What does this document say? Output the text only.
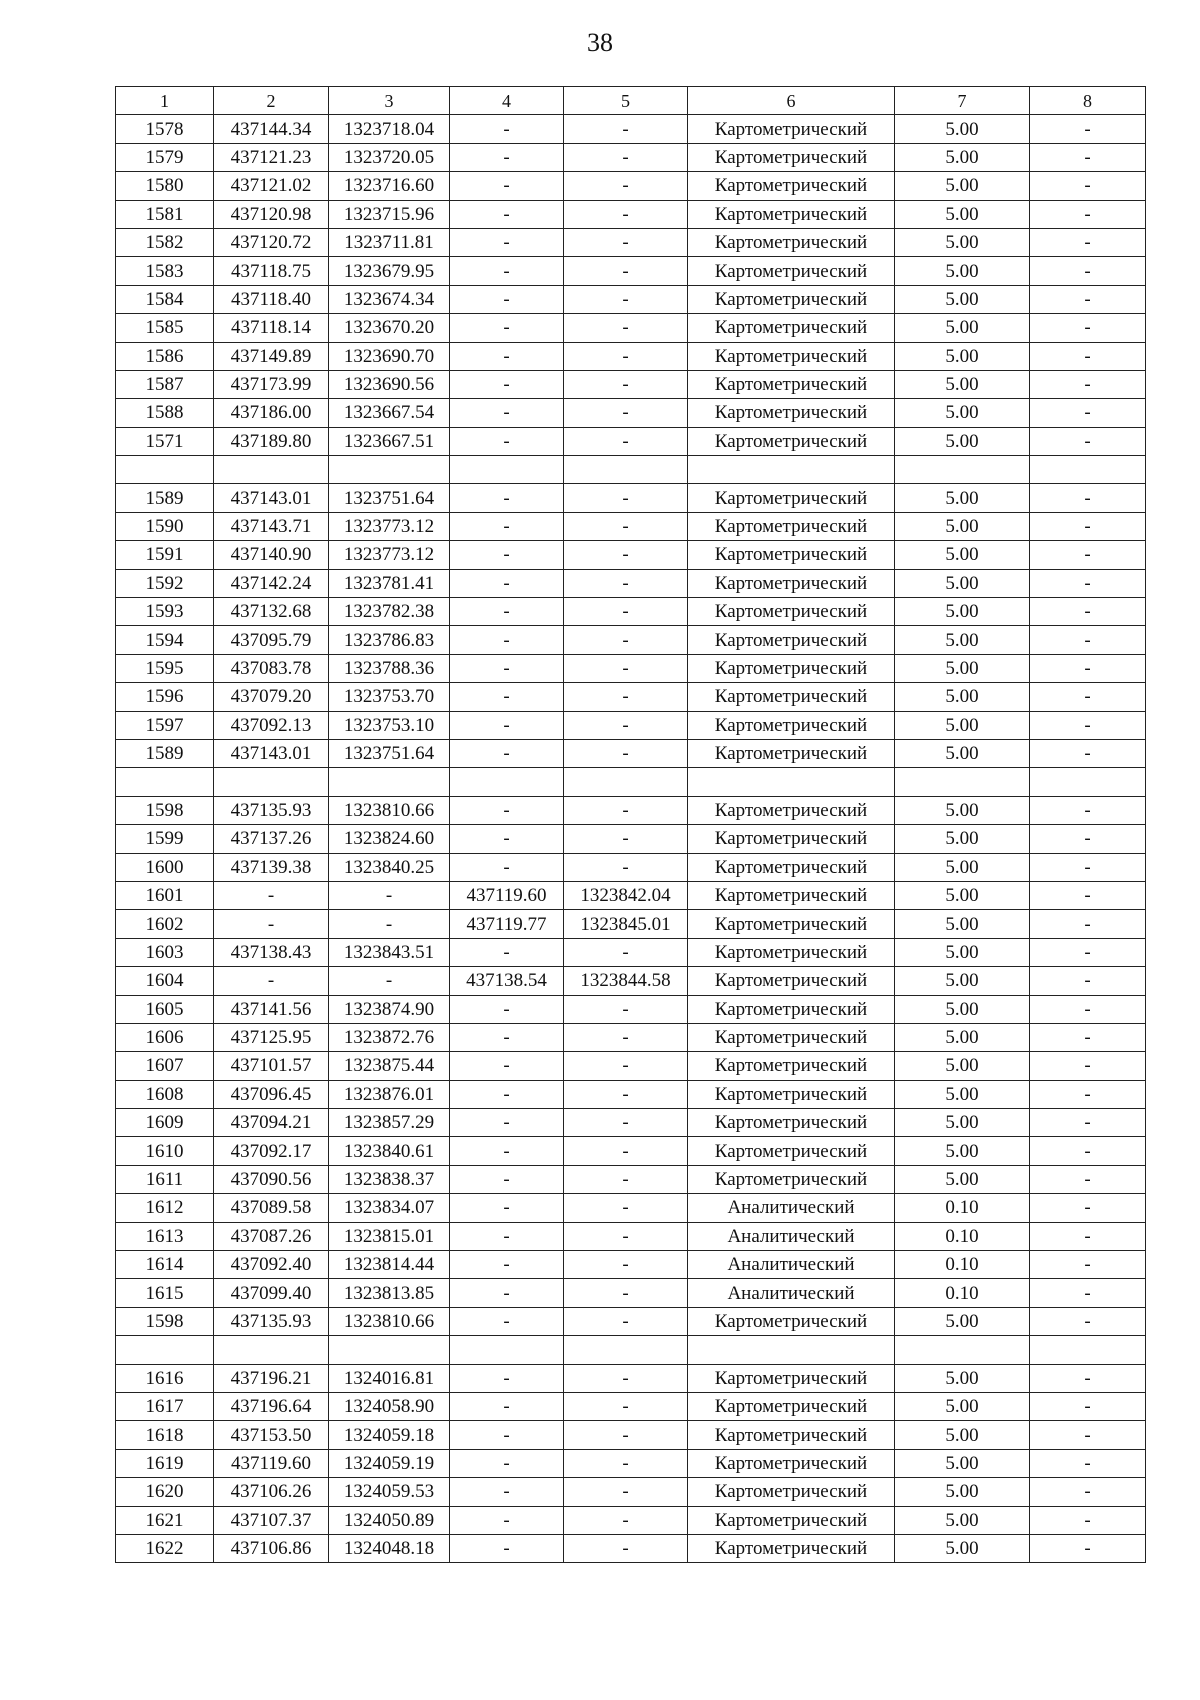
38
1	2	3	4	5	6	7	8
1578	437144.34	1323718.04	-	-	Картометрический	5.00	-
1579	437121.23	1323720.05	-	-	Картометрический	5.00	-
1580	437121.02	1323716.60	-	-	Картометрический	5.00	-
1581	437120.98	1323715.96	-	-	Картометрический	5.00	-
1582	437120.72	1323711.81	-	-	Картометрический	5.00	-
1583	437118.75	1323679.95	-	-	Картометрический	5.00	-
1584	437118.40	1323674.34	-	-	Картометрический	5.00	-
1585	437118.14	1323670.20	-	-	Картометрический	5.00	-
1586	437149.89	1323690.70	-	-	Картометрический	5.00	-
1587	437173.99	1323690.56	-	-	Картометрический	5.00	-
1588	437186.00	1323667.54	-	-	Картометрический	5.00	-
1571	437189.80	1323667.51	-	-	Картометрический	5.00	-

1589	437143.01	1323751.64	-	-	Картометрический	5.00	-
1590	437143.71	1323773.12	-	-	Картометрический	5.00	-
1591	437140.90	1323773.12	-	-	Картометрический	5.00	-
1592	437142.24	1323781.41	-	-	Картометрический	5.00	-
1593	437132.68	1323782.38	-	-	Картометрический	5.00	-
1594	437095.79	1323786.83	-	-	Картометрический	5.00	-
1595	437083.78	1323788.36	-	-	Картометрический	5.00	-
1596	437079.20	1323753.70	-	-	Картометрический	5.00	-
1597	437092.13	1323753.10	-	-	Картометрический	5.00	-
1589	437143.01	1323751.64	-	-	Картометрический	5.00	-

1598	437135.93	1323810.66	-	-	Картометрический	5.00	-
1599	437137.26	1323824.60	-	-	Картометрический	5.00	-
1600	437139.38	1323840.25	-	-	Картометрический	5.00	-
1601	-	-	437119.60	1323842.04	Картометрический	5.00	-
1602	-	-	437119.77	1323845.01	Картометрический	5.00	-
1603	437138.43	1323843.51	-	-	Картометрический	5.00	-
1604	-	-	437138.54	1323844.58	Картометрический	5.00	-
1605	437141.56	1323874.90	-	-	Картометрический	5.00	-
1606	437125.95	1323872.76	-	-	Картометрический	5.00	-
1607	437101.57	1323875.44	-	-	Картометрический	5.00	-
1608	437096.45	1323876.01	-	-	Картометрический	5.00	-
1609	437094.21	1323857.29	-	-	Картометрический	5.00	-
1610	437092.17	1323840.61	-	-	Картометрический	5.00	-
1611	437090.56	1323838.37	-	-	Картометрический	5.00	-
1612	437089.58	1323834.07	-	-	Аналитический	0.10	-
1613	437087.26	1323815.01	-	-	Аналитический	0.10	-
1614	437092.40	1323814.44	-	-	Аналитический	0.10	-
1615	437099.40	1323813.85	-	-	Аналитический	0.10	-
1598	437135.93	1323810.66	-	-	Картометрический	5.00	-

1616	437196.21	1324016.81	-	-	Картометрический	5.00	-
1617	437196.64	1324058.90	-	-	Картометрический	5.00	-
1618	437153.50	1324059.18	-	-	Картометрический	5.00	-
1619	437119.60	1324059.19	-	-	Картометрический	5.00	-
1620	437106.26	1324059.53	-	-	Картометрический	5.00	-
1621	437107.37	1324050.89	-	-	Картометрический	5.00	-
1622	437106.86	1324048.18	-	-	Картометрический	5.00	-
